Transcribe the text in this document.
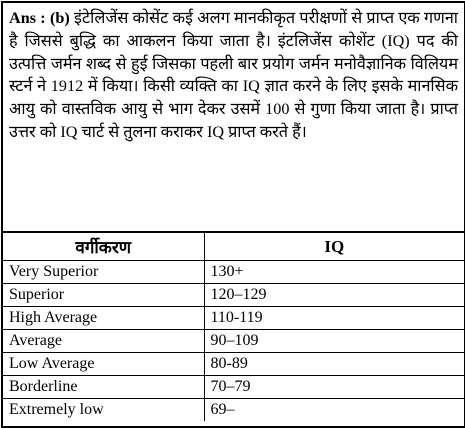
Ans : (b) इंटेलिजेंस कोसेंट कई अलग मानकीकृत परीक्षणों से प्राप्त एक गणना है जिससे बुद्धि का आकलन किया जाता है। इंटलिजेंस कोशेंट (IQ) पद की उत्पत्ति जर्मन शब्द से हुई जिसका पहली बार प्रयोग जर्मन मनोवैज्ञानिक विलियम स्टर्न ने 1912 में किया। किसी व्यक्ति का IQ ज्ञात करने के लिए इसके मानसिक आयु को वास्तविक आयु से भाग देकर उसमें 100 से गुणा किया जाता है। प्राप्त उत्तर को IQ चार्ट से तुलना कराकर IQ प्राप्त करते हैं।
वर्गीकरण	IQ
Very Superior	130+
Superior	120–129
High Average	110-119
Average	90–109
Low Average	80-89
Borderline	70–79
Extremely low	69–
